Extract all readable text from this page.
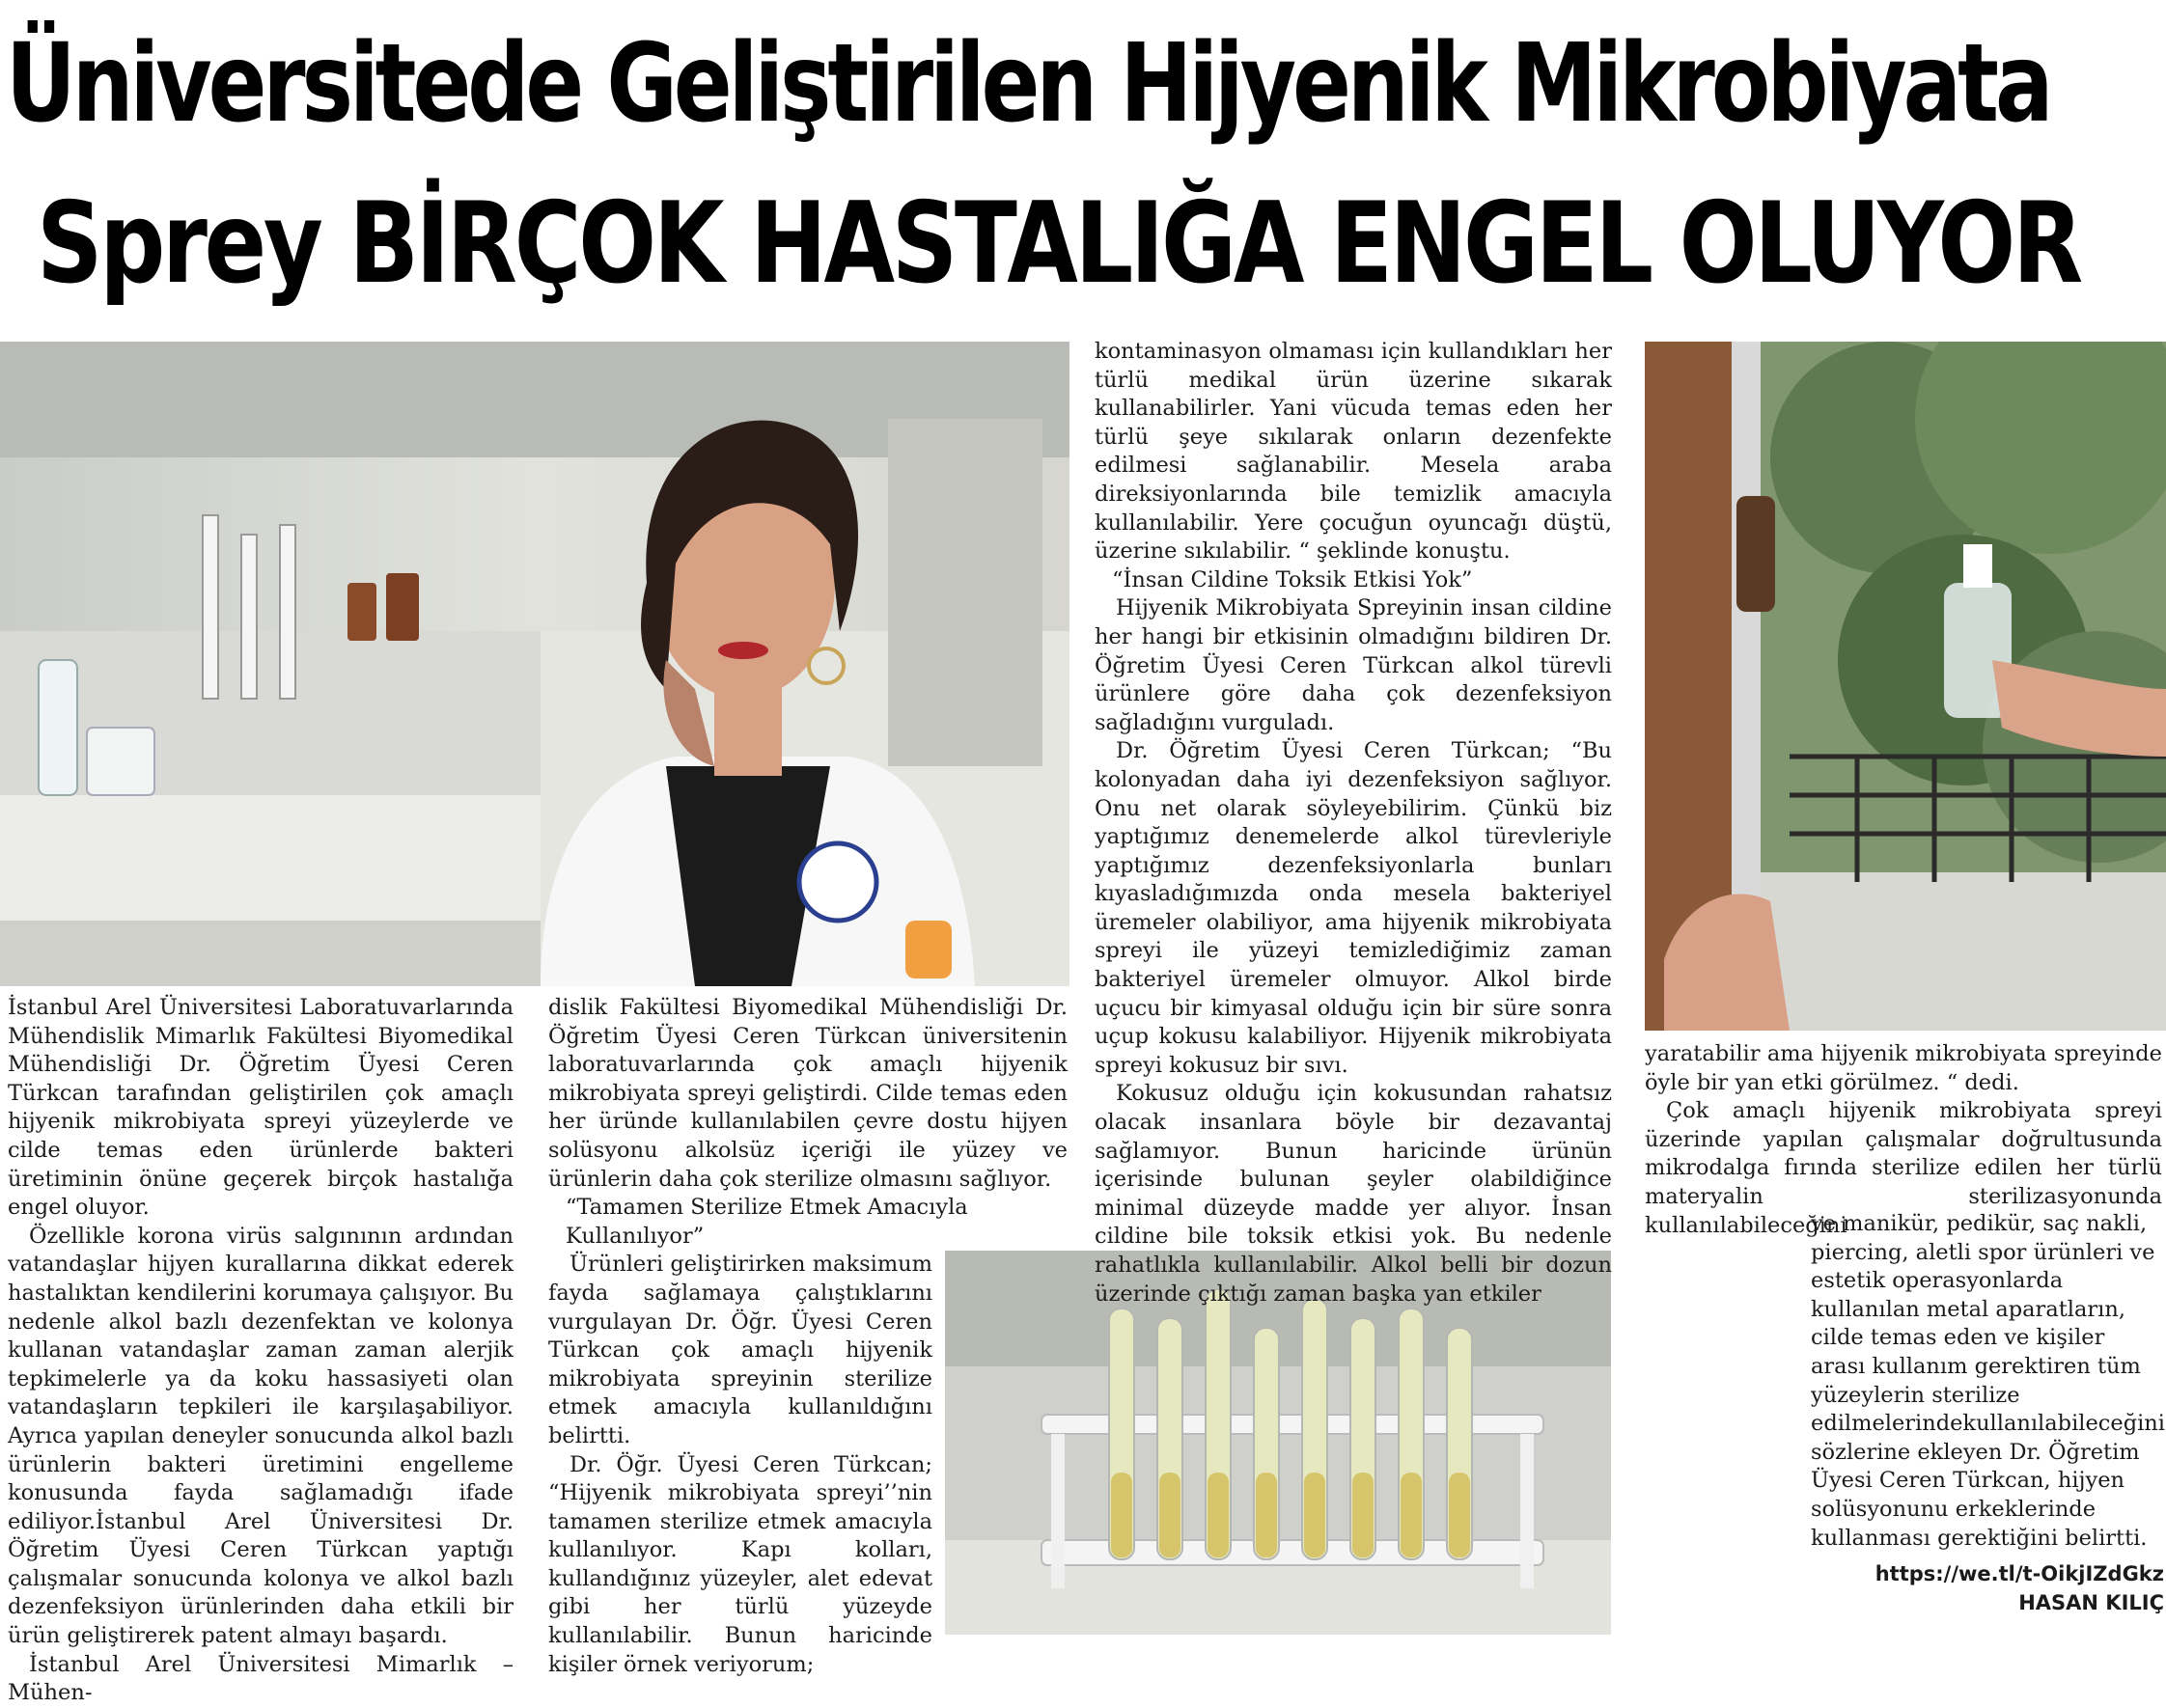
Üniversitede Geliştirilen Hijyenik Mikrobiyata
Sprey BİRÇOK HASTALIĞA ENGEL OLUYOR

İstanbul Arel Üniversitesi Laboratuvarlarında Mühendislik Mimarlık Fakültesi Biyomedikal Mühendisliği Dr. Öğretim Üyesi Ceren Türkcan tarafından geliştirilen çok amaçlı hijyenik mikrobiyata spreyi yüzeylerde ve cilde temas eden ürünlerde bakteri üretiminin önüne geçerek birçok hastalığa engel oluyor.

Özellikle korona virüs salgınının ardından vatandaşlar hijyen kurallarına dikkat ederek hastalıktan kendilerini korumaya çalışıyor. Bu nedenle alkol bazlı dezenfektan ve kolonya kullanan vatandaşlar zaman zaman alerjik tepkimelerle ya da koku hassasiyeti olan vatandaşların tepkileri ile karşılaşabiliyor. Ayrıca yapılan deneyler sonucunda alkol bazlı ürünlerin bakteri üretimini engelleme konusunda fayda sağlamadığı ifade ediliyor.İstanbul Arel Üniversitesi Dr. Öğretim Üyesi Ceren Türkcan yaptığı çalışmalar sonucunda kolonya ve alkol bazlı dezenfeksiyon ürünlerinden daha etkili bir ürün geliştirerek patent almayı başardı.

İstanbul Arel Üniversitesi Mimarlık – Mühen-

dislik Fakültesi Biyomedikal Mühendisliği Dr. Öğretim Üyesi Ceren Türkcan üniversitenin laboratuvarlarında çok amaçlı hijyenik mikrobiyata spreyi geliştirdi. Cilde temas eden her üründe kullanılabilen çevre dostu hijyen solüsyonu alkolsüz içeriği ile yüzey ve ürünlerin daha çok sterilize olmasını sağlıyor.

“Tamamen Sterilize Etmek Amacıyla Kullanılıyor”

Ürünleri geliştirirken maksimum fayda sağlamaya çalıştıklarını vurgulayan Dr. Öğr. Üyesi Ceren Türkcan çok amaçlı hijyenik mikrobiyata spreyinin sterilize etmek amacıyla kullanıldığını belirtti.

Dr. Öğr. Üyesi Ceren Türkcan; “Hijyenik mikrobiyata spreyi’’nin tamamen sterilize etmek amacıyla kullanılıyor. Kapı kolları, kullandığınız yüzeyler, alet edevat gibi her türlü yüzeyde kullanılabilir. Bunun haricinde kişiler örnek veriyorum;

kontaminasyon olmaması için kullandıkları her türlü medikal ürün üzerine sıkarak kullanabilirler. Yani vücuda temas eden her türlü şeye sıkılarak onların dezenfekte edilmesi sağlanabilir. Mesela araba direksiyonlarında bile temizlik amacıyla kullanılabilir. Yere çocuğun oyuncağı düştü, üzerine sıkılabilir. “ şeklinde konuştu.

“İnsan Cildine Toksik Etkisi Yok”

Hijyenik Mikrobiyata Spreyinin insan cildine her hangi bir etkisinin olmadığını bildiren Dr. Öğretim Üyesi Ceren Türkcan alkol türevli ürünlere göre daha çok dezenfeksiyon sağladığını vurguladı.

Dr. Öğretim Üyesi Ceren Türkcan; “Bu kolonyadan daha iyi dezenfeksiyon sağlıyor. Onu net olarak söyleyebilirim. Çünkü biz yaptığımız denemelerde alkol türevleriyle yaptığımız dezenfeksiyonlarla bunları kıyasladığımızda onda mesela bakteriyel üremeler olabiliyor, ama hijyenik mikrobiyata spreyi ile yüzeyi temizlediğimiz zaman bakteriyel üremeler olmuyor. Alkol birde uçucu bir kimyasal olduğu için bir süre sonra uçup kokusu kalabiliyor. Hijyenik mikrobiyata spreyi kokusuz bir sıvı.

Kokusuz olduğu için kokusundan rahatsız olacak insanlara böyle bir dezavantaj sağlamıyor. Bunun haricinde ürünün içerisinde bulunan şeyler olabildiğince minimal düzeyde madde yer alıyor. İnsan cildine bile toksik etkisi yok. Bu nedenle rahatlıkla kullanılabilir. Alkol belli bir dozun üzerinde çıktığı zaman başka yan etkiler

yaratabilir ama hijyenik mikrobiyata spreyinde öyle bir yan etki görülmez. “ dedi.

Çok amaçlı hijyenik mikrobiyata spreyi üzerinde yapılan çalışmalar doğrultusunda mikrodalga fırında sterilize edilen her türlü materyalin sterilizasyonunda kullanılabileceğini

ve manikür, pedikür, saç nakli, piercing, aletli spor ürünleri ve estetik operasyonlarda kullanılan metal aparatların, cilde temas eden ve kişiler arası kullanım gerektiren tüm yüzeylerin sterilize edilmelerindekullanılabileceğini sözlerine ekleyen Dr. Öğretim Üyesi Ceren Türkcan, hijyen solüsyonunu erkeklerinde kullanması gerektiğini belirtti.

https://we.tl/t-OikjIZdGkz
HASAN KILIÇ
